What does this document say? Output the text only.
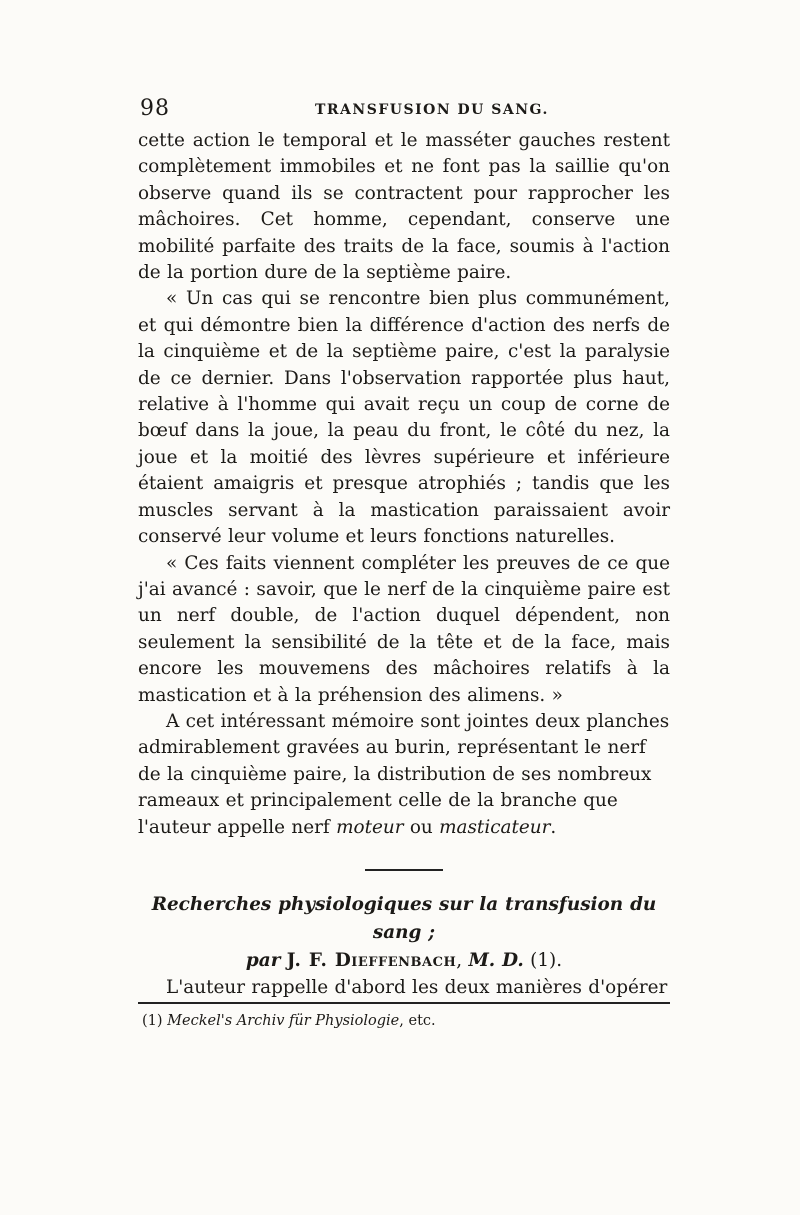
98	TRANSFUSION DU SANG.

cette action le temporal et le masséter gauches restent complètement immobiles et ne font pas la saillie qu'on observe quand ils se contractent pour rapprocher les mâchoires. Cet homme, cependant, conserve une mobilité parfaite des traits de la face, soumis à l'action de la portion dure de la septième paire.

« Un cas qui se rencontre bien plus communément, et qui démontre bien la différence d'action des nerfs de la cinquième et de la septième paire, c'est la paralysie de ce dernier. Dans l'observation rapportée plus haut, relative à l'homme qui avait reçu un coup de corne de bœuf dans la joue, la peau du front, le côté du nez, la joue et la moitié des lèvres supérieure et inférieure étaient amaigris et presque atrophiés ; tandis que les muscles servant à la mastication paraissaient avoir conservé leur volume et leurs fonctions naturelles.

« Ces faits viennent compléter les preuves de ce que j'ai avancé : savoir, que le nerf de la cinquième paire est un nerf double, de l'action duquel dépendent, non seulement la sensibilité de la tête et de la face, mais encore les mouvemens des mâchoires relatifs à la mastication et à la préhension des alimens. »

A cet intéressant mémoire sont jointes deux planches admirablement gravées au burin, représentant le nerf de la cinquième paire, la distribution de ses nombreux rameaux et principalement celle de la branche que l'auteur appelle nerf moteur ou masticateur.

Recherches physiologiques sur la transfusion du sang ;
par J. F. Dieffenbach, M. D. (1).

L'auteur rappelle d'abord les deux manières d'opérer

(1) Meckel's Archiv für Physiologie, etc.
